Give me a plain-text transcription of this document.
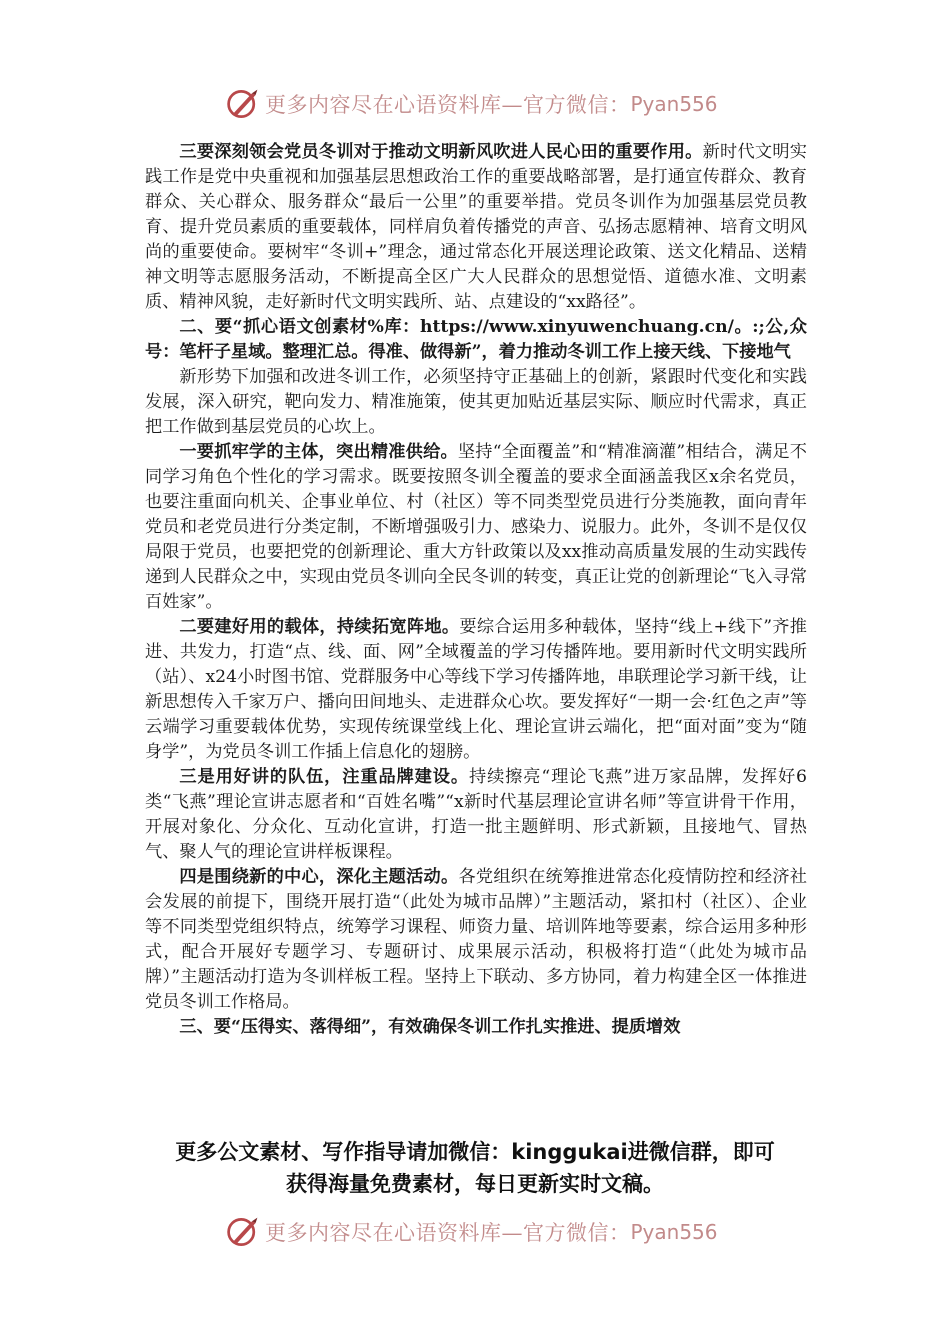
更多内容尽在心语资料库—官方微信： Pyan556

三要深刻领会党员冬训对于推动文明新风吹进人民心田的重要作用。新时代文明实践工作是党中央重视和加强基层思想政治工作的重要战略部署，是打通宣传群众、教育群众、关心群众、服务群众“最后一公里”的重要举措。党员冬训作为加强基层党员教育、提升党员素质的重要载体，同样肩负着传播党的声音、弘扬志愿精神、培育文明风尚的重要使命。要树牢“冬训+”理念，通过常态化开展送理论政策、送文化精品、送精神文明等志愿服务活动，不断提高全区广大人民群众的思想觉悟、道德水准、文明素质、精神风貌，走好新时代文明实践所、站、点建设的“xx路径”。

二、要“抓心语文创素材%库：https://www.xinyuwenchuang.cn/。:;公,众号：笔杆子星域。整理汇总。得准、做得新”，着力推动冬训工作上接天线、下接地气

新形势下加强和改进冬训工作，必须坚持守正基础上的创新，紧跟时代变化和实践发展，深入研究，靶向发力、精准施策，使其更加贴近基层实际、顺应时代需求，真正把工作做到基层党员的心坎上。

一要抓牢学的主体，突出精准供给。坚持“全面覆盖”和“精准滴灌”相结合，满足不同学习角色个性化的学习需求。既要按照冬训全覆盖的要求全面涵盖我区x余名党员，也要注重面向机关、企事业单位、村（社区）等不同类型党员进行分类施教，面向青年党员和老党员进行分类定制，不断增强吸引力、感染力、说服力。此外，冬训不是仅仅局限于党员，也要把党的创新理论、重大方针政策以及xx推动高质量发展的生动实践传递到人民群众之中，实现由党员冬训向全民冬训的转变，真正让党的创新理论“飞入寻常百姓家”。

二要建好用的载体，持续拓宽阵地。要综合运用多种载体，坚持“线上+线下”齐推进、共发力，打造“点、线、面、网”全域覆盖的学习传播阵地。要用新时代文明实践所（站）、x24小时图书馆、党群服务中心等线下学习传播阵地，串联理论学习新干线，让新思想传入千家万户、播向田间地头、走进群众心坎。要发挥好“一期一会·红色之声”等云端学习重要载体优势，实现传统课堂线上化、理论宣讲云端化，把“面对面”变为“随身学”，为党员冬训工作插上信息化的翅膀。

三是用好讲的队伍，注重品牌建设。持续擦亮“理论飞燕”进万家品牌，发挥好6类“飞燕”理论宣讲志愿者和“百姓名嘴”“x新时代基层理论宣讲名师”等宣讲骨干作用，开展对象化、分众化、互动化宣讲，打造一批主题鲜明、形式新颖，且接地气、冒热气、聚人气的理论宣讲样板课程。

四是围绕新的中心，深化主题活动。各党组织在统筹推进常态化疫情防控和经济社会发展的前提下，围绕开展打造“（此处为城市品牌）”主题活动，紧扣村（社区）、企业等不同类型党组织特点，统筹学习课程、师资力量、培训阵地等要素，综合运用多种形式，配合开展好专题学习、专题研讨、成果展示活动，积极将打造“（此处为城市品牌）”主题活动打造为冬训样板工程。坚持上下联动、多方协同，着力构建全区一体推进党员冬训工作格局。

三、要“压得实、落得细”，有效确保冬训工作扎实推进、提质增效

更多公文素材、写作指导请加微信：kinggukai进微信群，即可
获得海量免费素材，每日更新实时文稿。
更多内容尽在心语资料库—官方微信： Pyan556
